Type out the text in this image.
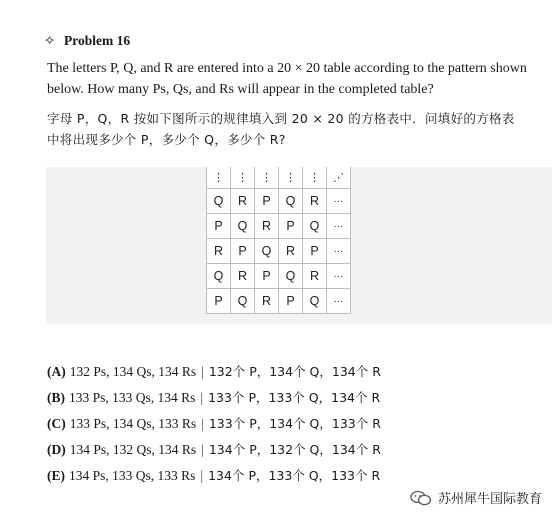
✧ Problem 16
The letters P, Q, and R are entered into a 20 × 20 table according to the pattern shown below. How many Ps, Qs, and Rs will appear in the completed table?
字母 P，Q，R 按如下图所示的规律填入到 20 × 20 的方格表中．问填好的方格表中将出现多少个 P，多少个 Q，多少个 R?
⋮	⋮	⋮	⋮	⋮	⋰
Q	R	P	Q	R	···
P	Q	R	P	Q	···
R	P	Q	R	P	···
Q	R	P	Q	R	···
P	Q	R	P	Q	···
(A) 132 Ps, 134 Qs, 134 Rs | 132个 P，134个 Q，134个 R
(B) 133 Ps, 133 Qs, 134 Rs | 133个 P，133个 Q，134个 R
(C) 133 Ps, 134 Qs, 133 Rs | 133个 P，134个 Q，133个 R
(D) 134 Ps, 132 Qs, 134 Rs | 134个 P，132个 Q，134个 R
(E) 134 Ps, 133 Qs, 133 Rs | 134个 P，133个 Q，133个 R
苏州犀牛国际教育
